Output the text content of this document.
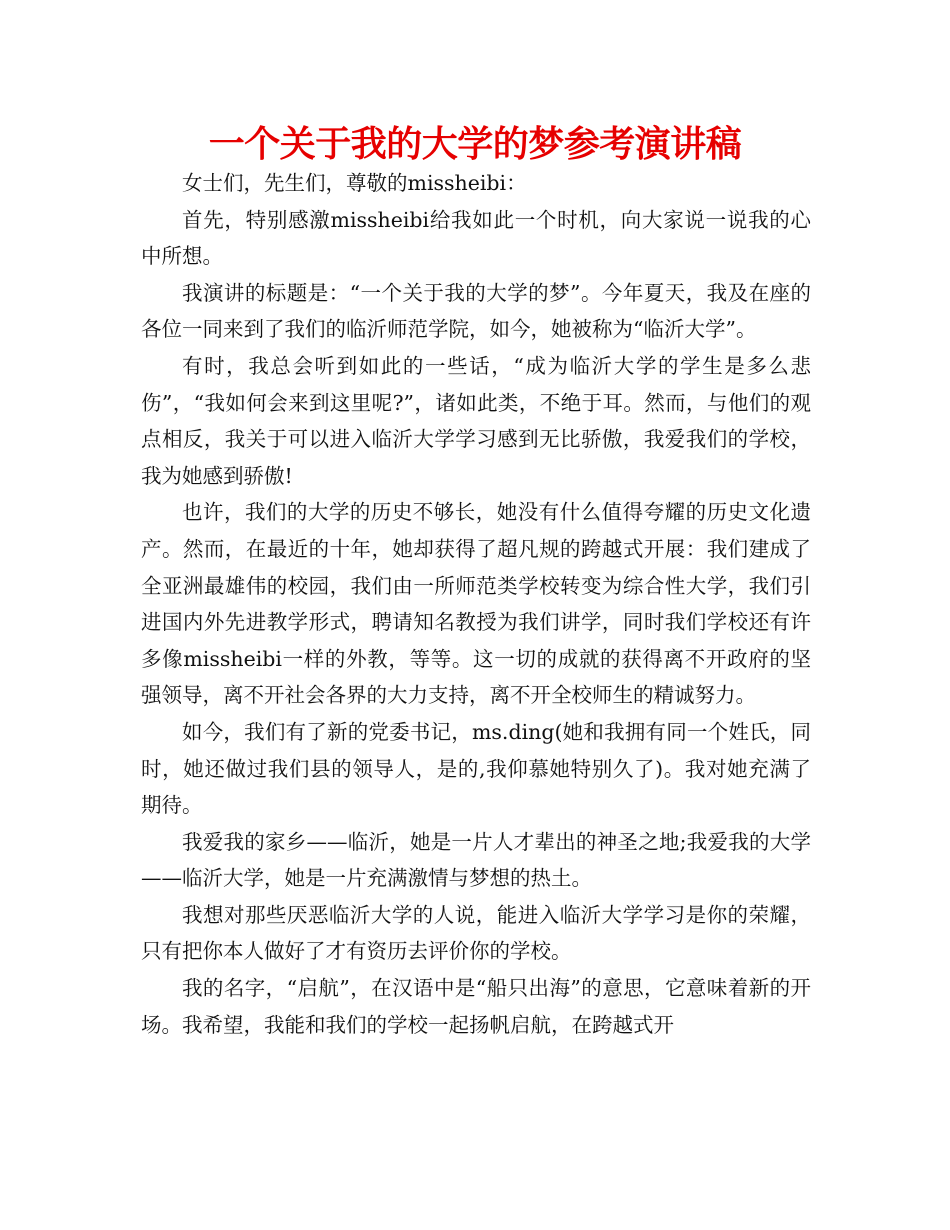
一个关于我的大学的梦参考演讲稿

女士们，先生们，尊敬的missheibi：

首先，特别感激missheibi给我如此一个时机，向大家说一说我的心中所想。

我演讲的标题是：“一个关于我的大学的梦”。今年夏天，我及在座的各位一同来到了我们的临沂师范学院，如今，她被称为“临沂大学”。

有时，我总会听到如此的一些话，“成为临沂大学的学生是多么悲伤”，“我如何会来到这里呢?”，诸如此类，不绝于耳。然而，与他们的观点相反，我关于可以进入临沂大学学习感到无比骄傲，我爱我们的学校，我为她感到骄傲!

也许，我们的大学的历史不够长，她没有什么值得夸耀的历史文化遗产。然而，在最近的十年，她却获得了超凡规的跨越式开展：我们建成了全亚洲最雄伟的校园，我们由一所师范类学校转变为综合性大学，我们引进国内外先进教学形式，聘请知名教授为我们讲学，同时我们学校还有许多像missheibi一样的外教，等等。这一切的成就的获得离不开政府的坚强领导，离不开社会各界的大力支持，离不开全校师生的精诚努力。

如今，我们有了新的党委书记，ms.ding(她和我拥有同一个姓氏，同时，她还做过我们县的领导人，是的,我仰慕她特别久了)。我对她充满了期待。

我爱我的家乡——临沂，她是一片人才辈出的神圣之地;我爱我的大学——临沂大学，她是一片充满激情与梦想的热土。

我想对那些厌恶临沂大学的人说，能进入临沂大学学习是你的荣耀，只有把你本人做好了才有资历去评价你的学校。

我的名字，“启航”，在汉语中是“船只出海”的意思，它意味着新的开场。我希望，我能和我们的学校一起扬帆启航，在跨越式开
